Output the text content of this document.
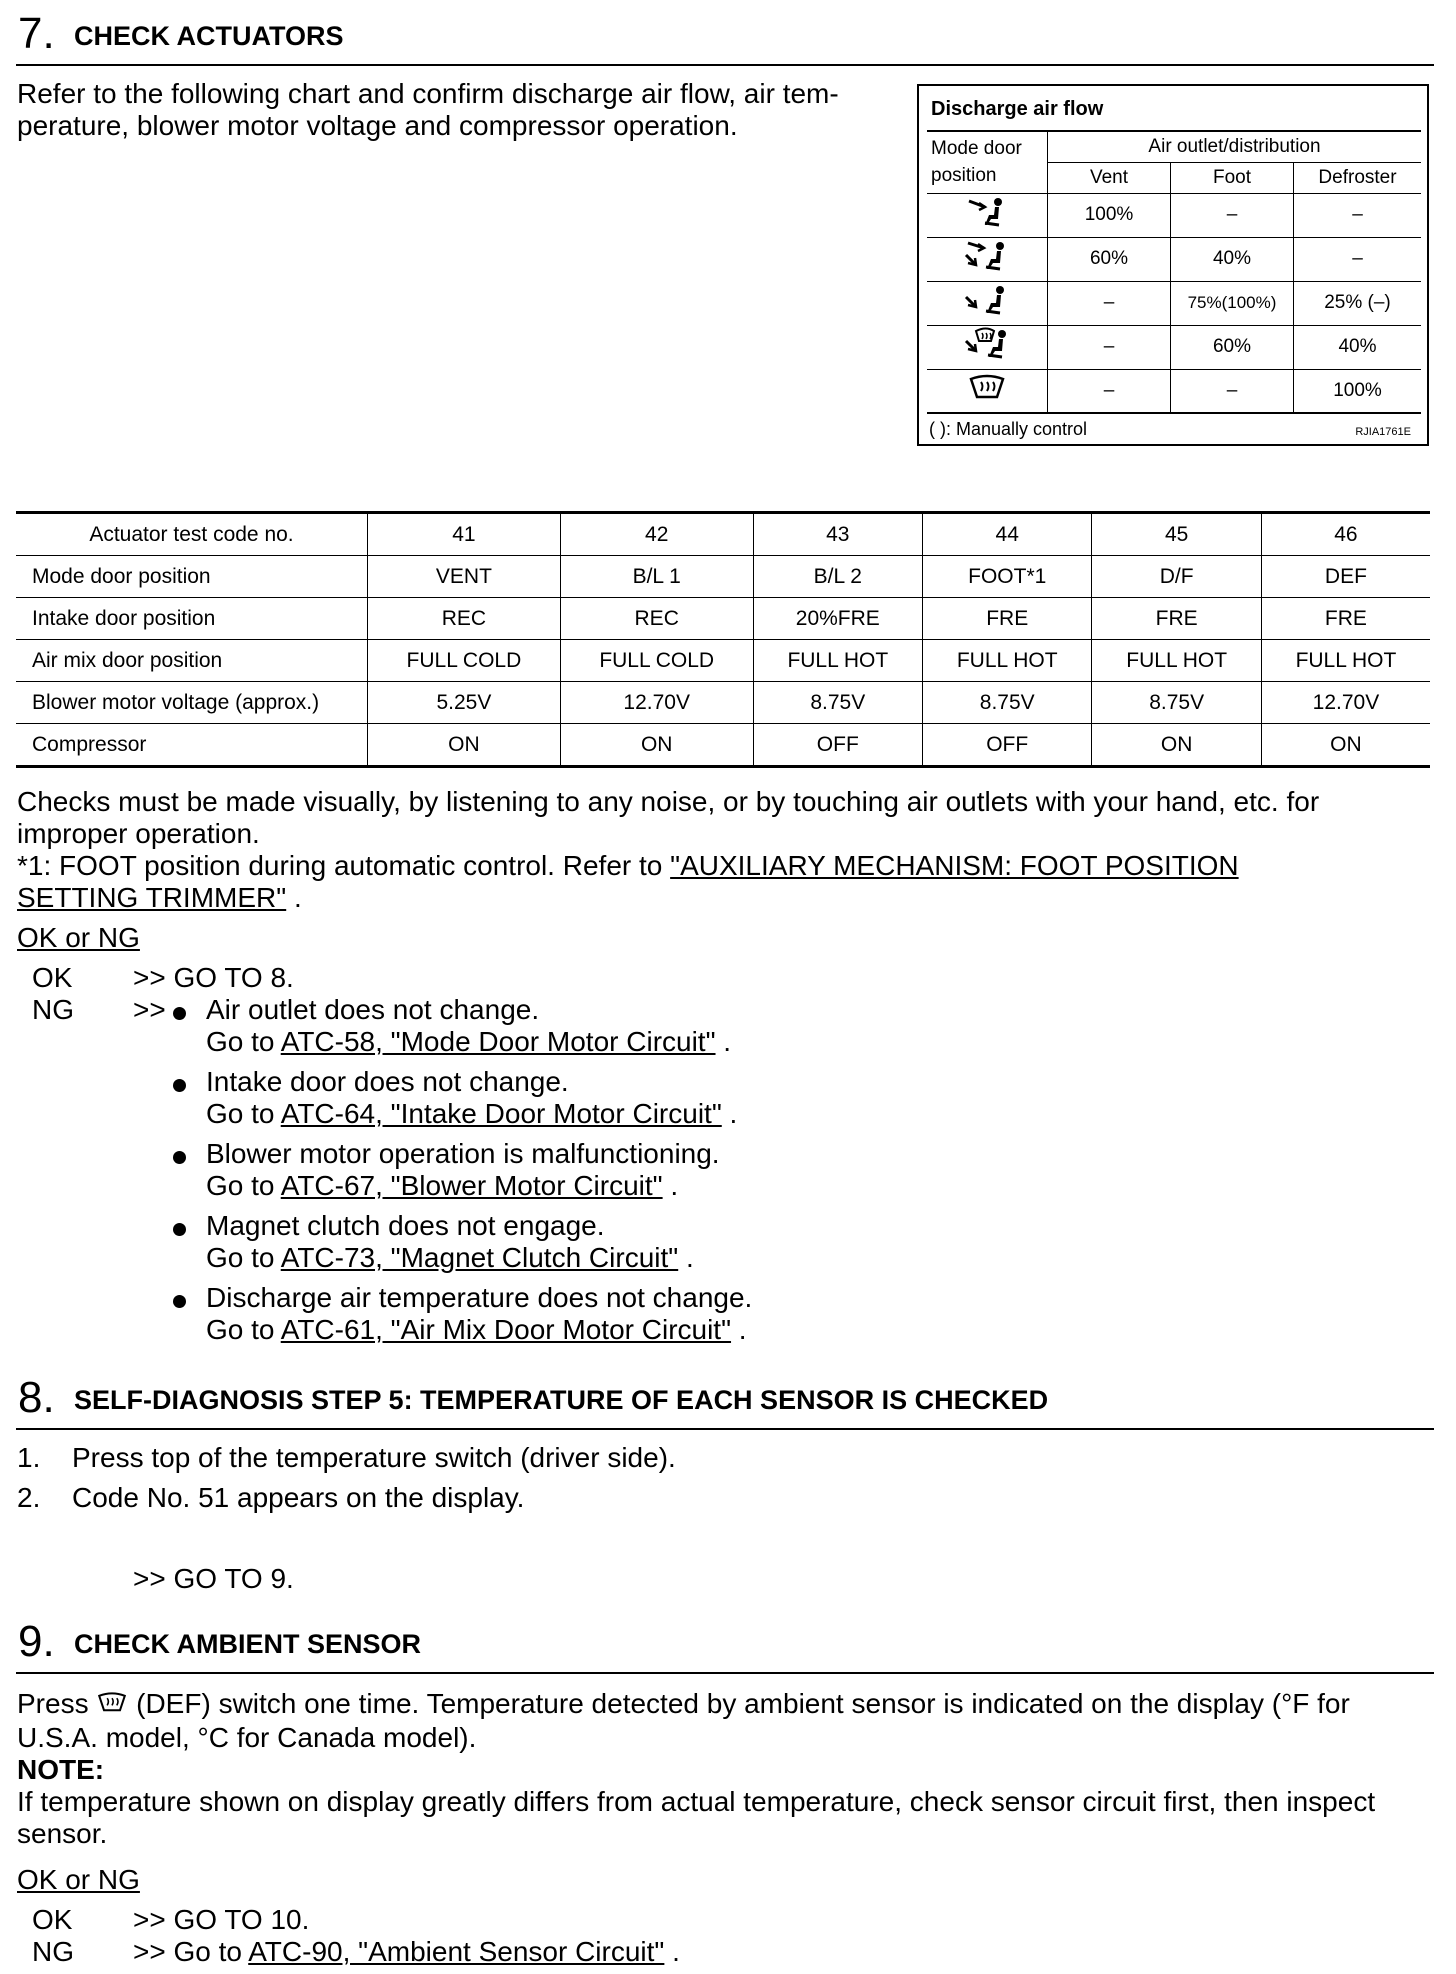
7. CHECK ACTUATORS
Refer to the following chart and confirm discharge air flow, air tem-
perature, blower motor voltage and compressor operation.
Discharge air flow
Mode door
position	Air outlet/distribution		
	Vent	Foot	Defroster
	100%	–	–
	60%	40%	–
	–	75%(100%)	25% (–)
	–	60%	40%
	–	–	100%
( ): Manually control	RJIA1761E
Actuator test code no.	41	42	43	44	45	46
Mode door position	VENT	B/L 1	B/L 2	FOOT*1	D/F	DEF
Intake door position	REC	REC	20%FRE	FRE	FRE	FRE
Air mix door position	FULL COLD	FULL COLD	FULL HOT	FULL HOT	FULL HOT	FULL HOT
Blower motor voltage (approx.)	5.25V	12.70V	8.75V	8.75V	8.75V	12.70V
Compressor	ON	ON	OFF	OFF	ON	ON
Checks must be made visually, by listening to any noise, or by touching air outlets with your hand, etc. for
improper operation.
*1: FOOT position during automatic control. Refer to "AUXILIARY MECHANISM: FOOT POSITION
SETTING TRIMMER" .
OK or NG
OK >> GO TO 8.
NG >> Air outlet does not change.
Go to ATC-58, "Mode Door Motor Circuit" .
Intake door does not change.
Go to ATC-64, "Intake Door Motor Circuit" .
Blower motor operation is malfunctioning.
Go to ATC-67, "Blower Motor Circuit" .
Magnet clutch does not engage.
Go to ATC-73, "Magnet Clutch Circuit" .
Discharge air temperature does not change.
Go to ATC-61, "Air Mix Door Motor Circuit" .
8. SELF-DIAGNOSIS STEP 5: TEMPERATURE OF EACH SENSOR IS CHECKED
1. Press top of the temperature switch (driver side).
2. Code No. 51 appears on the display.
>> GO TO 9.
9. CHECK AMBIENT SENSOR
Press  (DEF) switch one time. Temperature detected by ambient sensor is indicated on the display (°F for
U.S.A. model, °C for Canada model).
NOTE:
If temperature shown on display greatly differs from actual temperature, check sensor circuit first, then inspect
sensor.
OK or NG
OK >> GO TO 10.
NG >> Go to ATC-90, "Ambient Sensor Circuit" .
